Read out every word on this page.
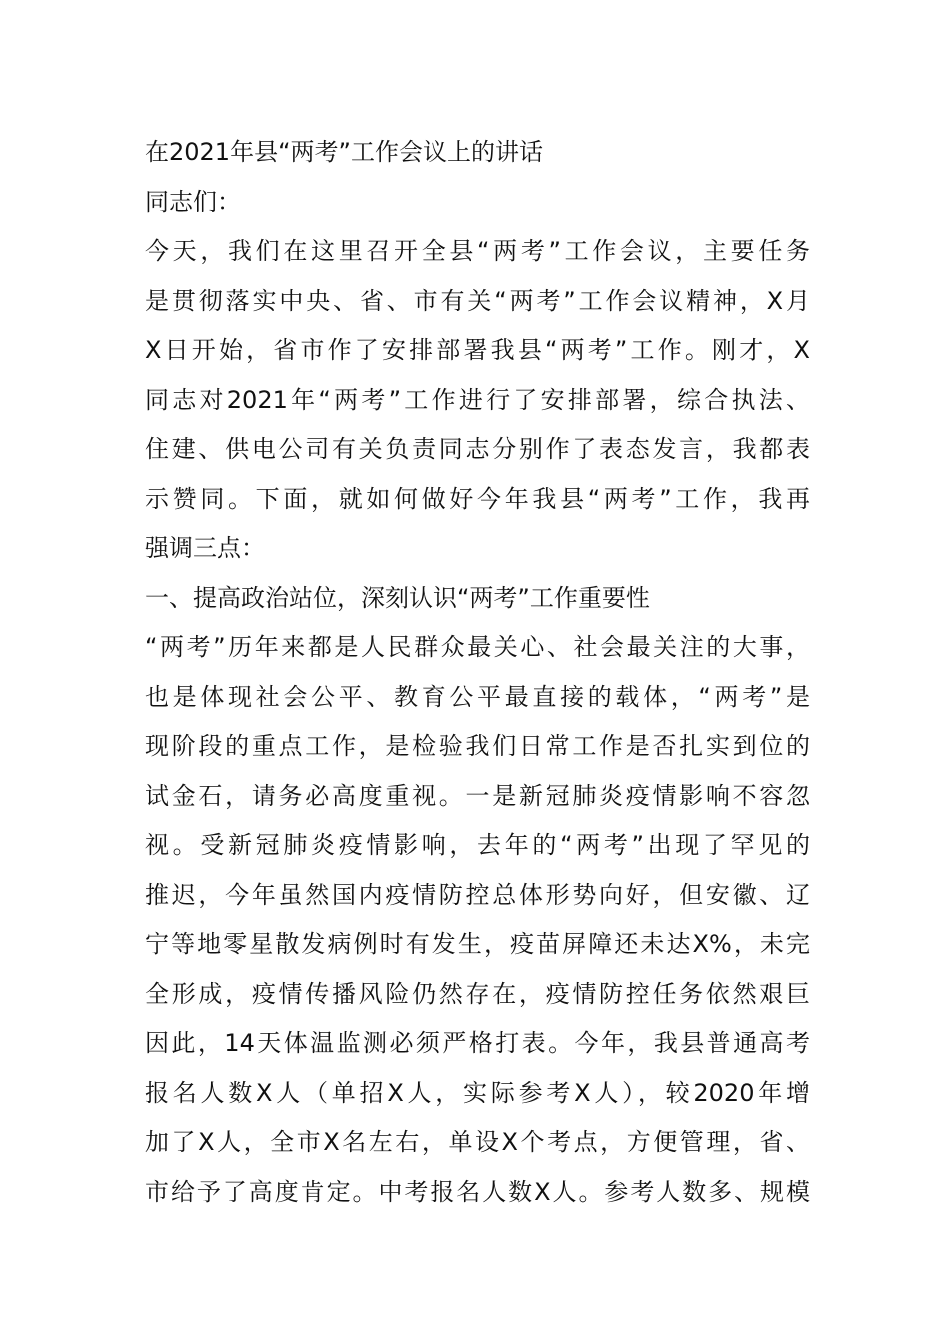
在2021年县“两考”工作会议上的讲话
同志们：
今天，我们在这里召开全县“两考”工作会议，主要任务
是贯彻落实中央、省、市有关“两考”工作会议精神，X月
X日开始，省市作了安排部署我县“两考”工作。刚才，X
同志对2021年“两考”工作进行了安排部署，综合执法、
住建、供电公司有关负责同志分别作了表态发言，我都表
示赞同。下面，就如何做好今年我县“两考”工作，我再
强调三点：
一、提高政治站位，深刻认识“两考”工作重要性
“两考”历年来都是人民群众最关心、社会最关注的大事，
也是体现社会公平、教育公平最直接的载体，“两考”是
现阶段的重点工作，是检验我们日常工作是否扎实到位的
试金石，请务必高度重视。一是新冠肺炎疫情影响不容忽
视。受新冠肺炎疫情影响，去年的“两考”出现了罕见的
推迟，今年虽然国内疫情防控总体形势向好，但安徽、辽
宁等地零星散发病例时有发生，疫苗屏障还未达X%，未完
全形成，疫情传播风险仍然存在，疫情防控任务依然艰巨
因此，14天体温监测必须严格打表。今年，我县普通高考
报名人数X人（单招X人，实际参考X人），较2020年增
加了X人，全市X名左右，单设X个考点，方便管理，省、
市给予了高度肯定。中考报名人数X人。参考人数多、规模
